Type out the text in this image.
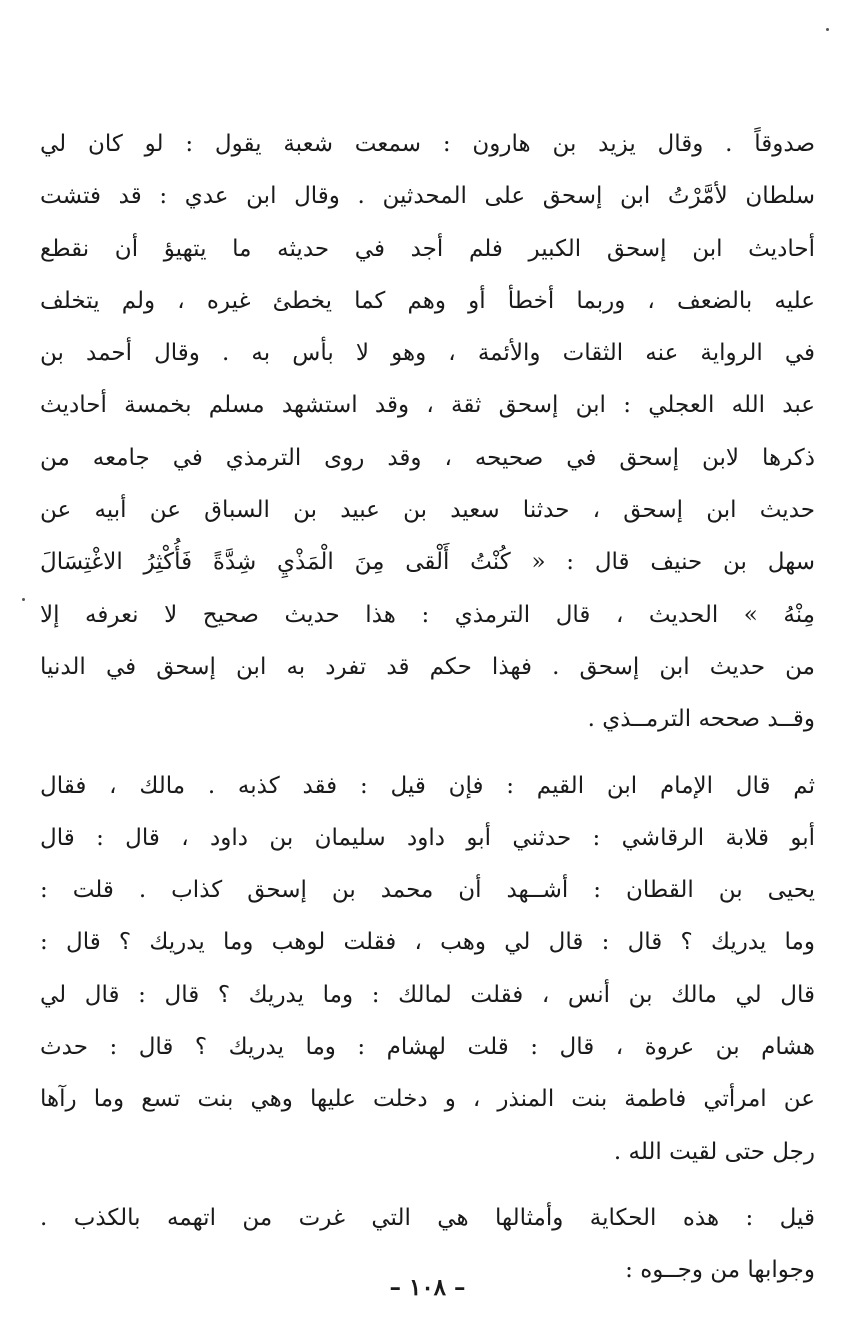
صدوقاً . وقال يزيد بن هارون : سمعت شعبة يقول : لو كان لي
سلطان لأمَّرْتُ ابن إسحق على المحدثين . وقال ابن عدي : قد فتشت
أحاديث ابن إسحق الكبير فلم أجد في حديثه ما يتهيؤ أن نقطع
عليه بالضعف ، وربما أخطأ أو وهم كما يخطئ غيره ، ولم يتخلف
في الرواية عنه الثقات والأئمة ، وهو لا بأس به . وقال أحمد بن
عبد الله العجلي : ابن إسحق ثقة ، وقد استشهد مسلم بخمسة أحاديث
ذكرها لابن إسحق في صحيحه ، وقد روى الترمذي في جامعه من
حديث ابن إسحق ، حدثنا سعيد بن عبيد بن السباق عن أبيه عن
سهل بن حنيف قال : « كُنْتُ أَلْقى مِنَ الْمَذْيِ شِدَّةً فَأُكْثِرُ الاغْتِسَالَ
مِنْهُ » الحديث ، قال الترمذي : هذا حديث صحيح لا نعرفه إلا
من حديث ابن إسحق . فهذا حكم قد تفرد به ابن إسحق في الدنيا
وقــد صححه الترمــذي .
ثم قال الإمام ابن القيم : فإن قيل : فقد كذبه . مالك ، فقال
أبو قلابة الرقاشي : حدثني أبو داود سليمان بن داود ، قال : قال
يحيى بن القطان : أشــهد أن محمد بن إسحق كذاب . قلت :
وما يدريك ؟ قال : قال لي وهب ، فقلت لوهب وما يدريك ؟ قال :
قال لي مالك بن أنس ، فقلت لمالك : وما يدريك ؟ قال : قال لي
هشام بن عروة ، قال : قلت لهشام : وما يدريك ؟ قال : حدث
عن امرأتي فاطمة بنت المنذر ، و دخلت عليها وهي بنت تسع وما رآها
رجل حتى لقيت الله .
قيل : هذه الحكاية وأمثالها هي التي غرت من اتهمه بالكذب .
وجوابها من وجــوه :
– ١٠٨ –
